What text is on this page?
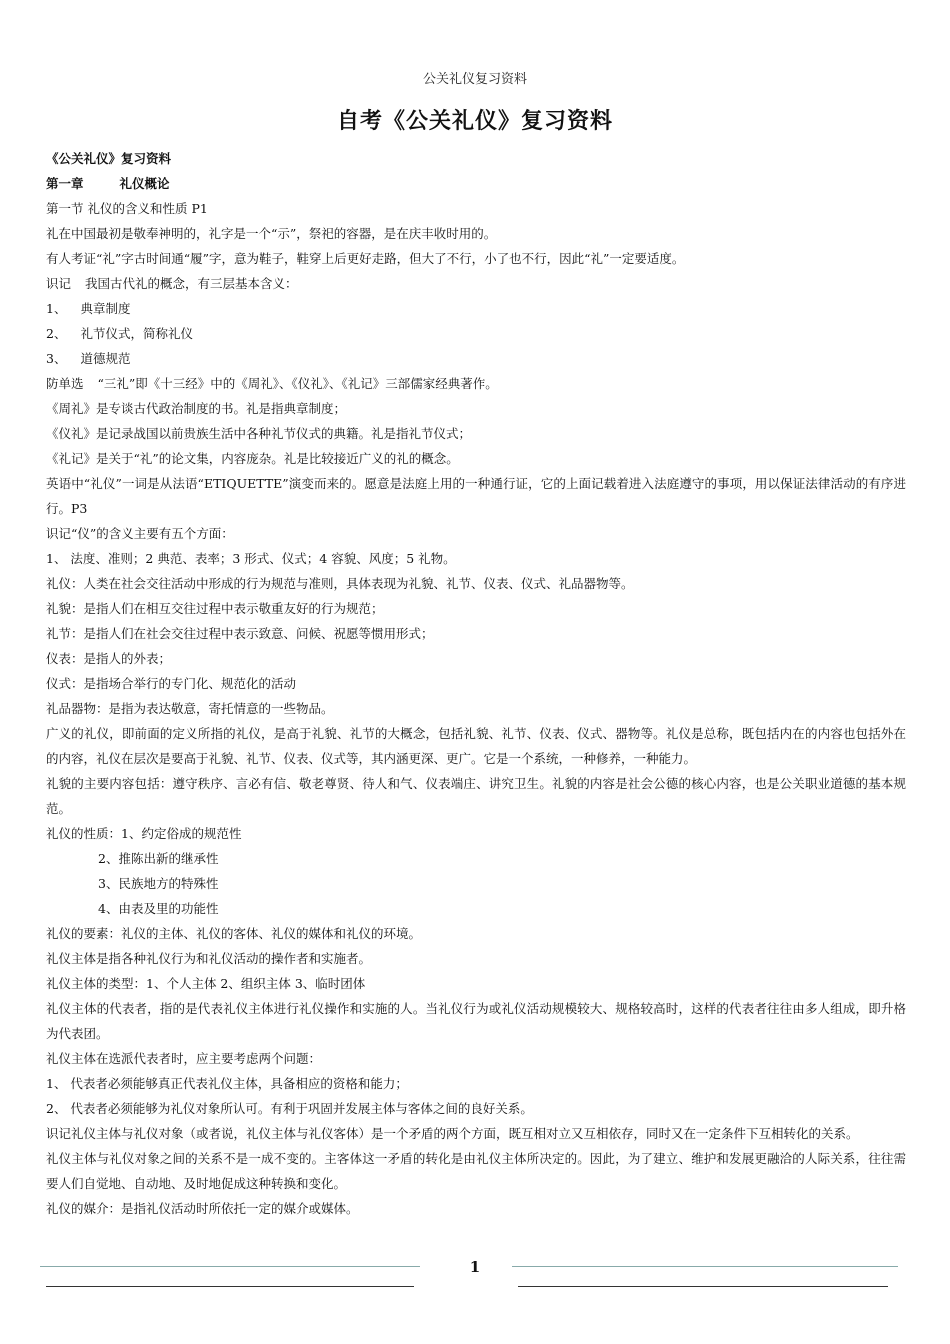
公关礼仪复习资料
自考《公关礼仪》复习资料
《公关礼仪》复习资料
第一章	礼仪概论
第一节 礼仪的含义和性质 P1
礼在中国最初是敬奉神明的，礼字是一个“示”，祭祀的容器，是在庆丰收时用的。
有人考证“礼”字古时间通“履”字，意为鞋子，鞋穿上后更好走路，但大了不行，小了也不行，因此“礼”一定要适度。
识记 我国古代礼的概念，有三层基本含义：
1、 典章制度
2、 礼节仪式，简称礼仪
3、 道德规范
防单选 “三礼”即《十三经》中的《周礼》、《仪礼》、《礼记》三部儒家经典著作。
《周礼》是专谈古代政治制度的书。礼是指典章制度；
《仪礼》是记录战国以前贵族生活中各种礼节仪式的典籍。礼是指礼节仪式；
《礼记》是关于“礼”的论文集，内容庞杂。礼是比较接近广义的礼的概念。
英语中“礼仪”一词是从法语“ETIQUETTE”演变而来的。愿意是法庭上用的一种通行证，它的上面记载着进入法庭遵守的事项，用以保证法律活动的有序进行。P3
识记“仪”的含义主要有五个方面：
1、 法度、准则；2 典范、表率；3 形式、仪式；4 容貌、风度；5 礼物。
礼仪：人类在社会交往活动中形成的行为规范与准则，具体表现为礼貌、礼节、仪表、仪式、礼品器物等。
礼貌：是指人们在相互交往过程中表示敬重友好的行为规范；
礼节：是指人们在社会交往过程中表示致意、问候、祝愿等惯用形式；
仪表：是指人的外表；
仪式：是指场合举行的专门化、规范化的活动
礼品器物：是指为表达敬意，寄托情意的一些物品。
广义的礼仪，即前面的定义所指的礼仪，是高于礼貌、礼节的大概念，包括礼貌、礼节、仪表、仪式、器物等。礼仪是总称，既包括内在的内容也包括外在的内容，礼仪在层次是要高于礼貌、礼节、仪表、仪式等，其内涵更深、更广。它是一个系统，一种修养，一种能力。
礼貌的主要内容包括：遵守秩序、言必有信、敬老尊贤、待人和气、仪表端庄、讲究卫生。礼貌的内容是社会公德的核心内容，也是公关职业道德的基本规范。
礼仪的性质：1、约定俗成的规范性
2、推陈出新的继承性
3、民族地方的特殊性
4、由表及里的功能性
礼仪的要素：礼仪的主体、礼仪的客体、礼仪的媒体和礼仪的环境。
礼仪主体是指各种礼仪行为和礼仪活动的操作者和实施者。
礼仪主体的类型：1、个人主体 2、组织主体 3、临时团体
礼仪主体的代表者，指的是代表礼仪主体进行礼仪操作和实施的人。当礼仪行为或礼仪活动规模较大、规格较高时，这样的代表者往往由多人组成，即升格为代表团。
礼仪主体在选派代表者时，应主要考虑两个问题：
1、 代表者必须能够真正代表礼仪主体，具备相应的资格和能力；
2、 代表者必须能够为礼仪对象所认可。有利于巩固并发展主体与客体之间的良好关系。
识记礼仪主体与礼仪对象（或者说，礼仪主体与礼仪客体）是一个矛盾的两个方面，既互相对立又互相依存，同时又在一定条件下互相转化的关系。
礼仪主体与礼仪对象之间的关系不是一成不变的。主客体这一矛盾的转化是由礼仪主体所决定的。因此，为了建立、维护和发展更融洽的人际关系，往往需要人们自觉地、自动地、及时地促成这种转换和变化。
礼仪的媒介：是指礼仪活动时所依托一定的媒介或媒体。
1
